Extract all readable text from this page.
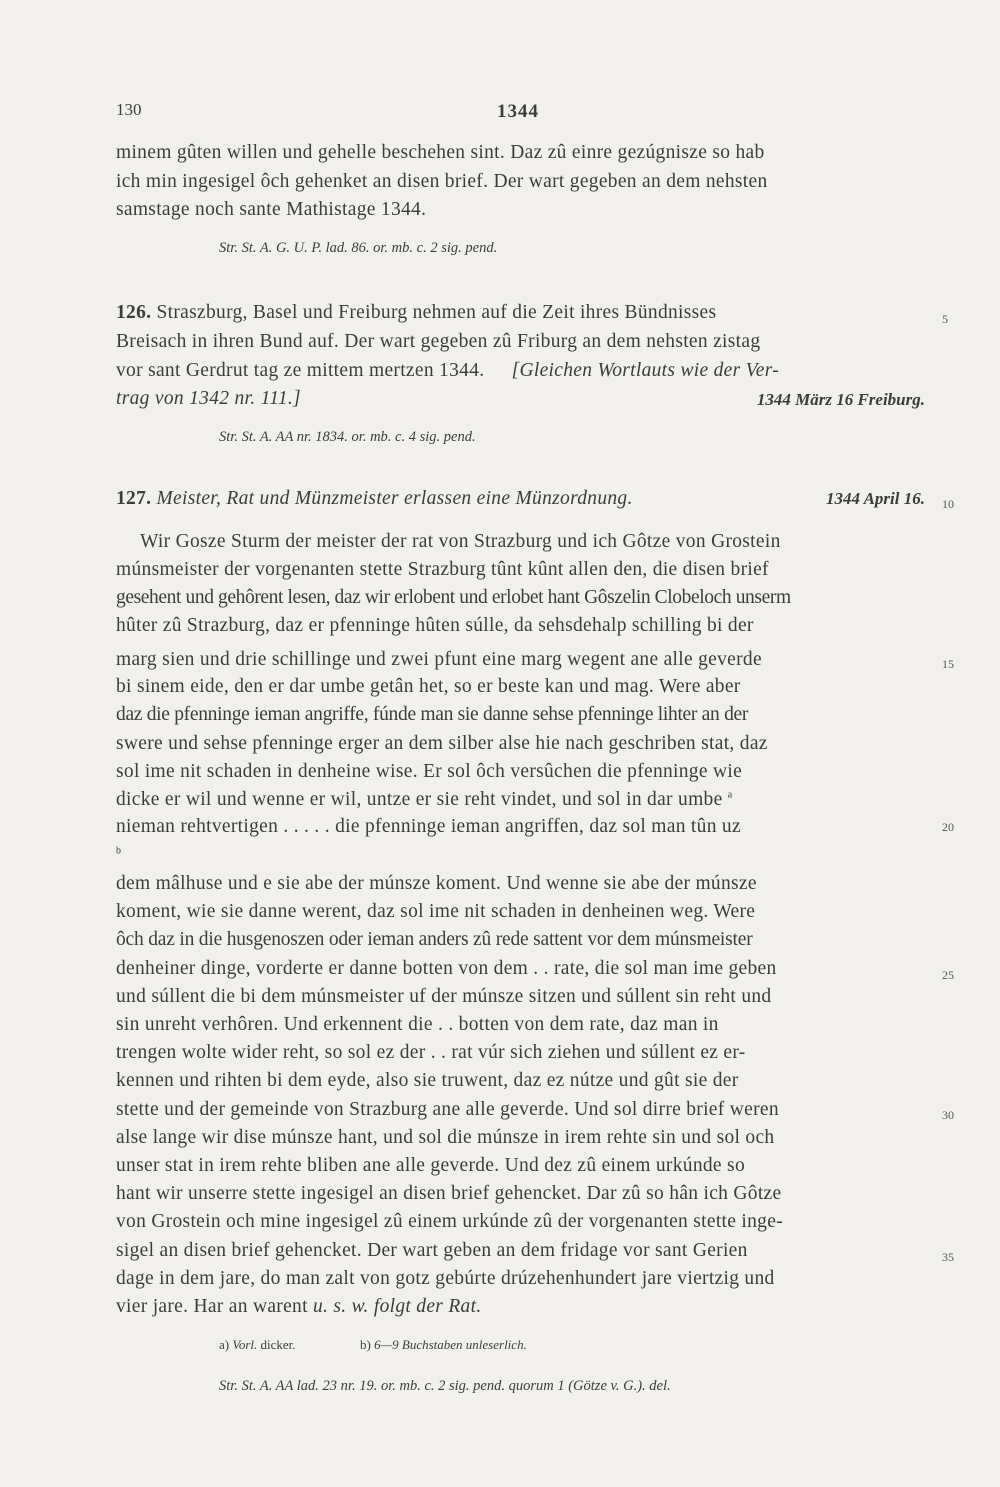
130	1344
minem gûten willen und gehelle beschehen sint. Daz zû einre gezúgnisze so hab
ich min ingesigel ôch gehenket an disen brief. Der wart gegeben an dem nehsten
samstage noch sante Mathistage 1344.
Str. St. A. G. U. P. lad. 86. or. mb. c. 2 sig. pend.
126. Straszburg, Basel und Freiburg nehmen auf die Zeit ihres Bündnisses	5
Breisach in ihren Bund auf. Der wart gegeben zû Friburg an dem nehsten zistag
vor sant Gerdrut tag ze mittem mertzen 1344. [Gleichen Wortlauts wie der Ver-
trag von 1342 nr. 111.]	1344 März 16 Freiburg.
Str. St. A. AA nr. 1834. or. mb. c. 4 sig. pend.
127. Meister, Rat und Münzmeister erlassen eine Münzordnung.	1344 April 16. 10
Wir Gosze Sturm der meister der rat von Strazburg und ich Gôtze von Grostein
múnsmeister der vorgenanten stette Strazburg tûnt kûnt allen den, die disen brief
gesehent und gehôrent lesen, daz wir erlobent und erlobet hant Gôszelin Clobeloch unserm
hûter zû Strazburg, daz er pfenninge hûten súlle, da sehsdehalp schilling bi der
marg sien und drie schillinge und zwei pfunt eine marg wegent ane alle geverde	15
bi sinem eide, den er dar umbe getân het, so er beste kan und mag. Were aber
daz die pfenninge ieman angriffe, fúnde man sie danne sehse pfenninge lihter an der
swere und sehse pfenninge erger an dem silber alse hie nach geschriben stat, daz
sol ime nit schaden in denheine wise. Er sol ôch versûchen die pfenninge wie
dicke er wil und wenne er wil, untze er sie reht vindet, und sol in dar umbe $^a$
20
nieman rehtvertigen . . . . . die pfenninge ieman angriffen, daz sol man tûn uz
$^b$
dem mâlhuse und e sie abe der múnsze koment. Und wenne sie abe der múnsze
koment, wie sie danne werent, daz sol ime nit schaden in denheinen weg. Were
ôch daz in die husgenoszen oder ieman anders zû rede sattent vor dem múnsmeister
denheiner dinge, vorderte er danne botten von dem . . rate, die sol man ime geben	25
und súllent die bi dem múnsmeister uf der múnsze sitzen und súllent sin reht und
sin unreht verhôren. Und erkennent die . . botten von dem rate, daz man in
trengen wolte wider reht, so sol ez der . . rat vúr sich ziehen und súllent ez er-
kennen und rihten bi dem eyde, also sie truwent, daz ez nútze und gût sie der
stette und der gemeinde von Strazburg ane alle geverde. Und sol dirre brief weren	30
alse lange wir dise múnsze hant, und sol die múnsze in irem rehte sin und sol och
unser stat in irem rehte bliben ane alle geverde. Und dez zû einem urkúnde so
hant wir unserre stette ingesigel an disen brief gehencket. Dar zû so hân ich Gôtze
von Grostein och mine ingesigel zû einem urkúnde zû der vorgenanten stette inge-
sigel an disen brief gehencket. Der wart geben an dem fridage vor sant Gerien	35
dage in dem jare, do man zalt von gotz gebúrte drúzehenhundert jare viertzig und
vier jare. Har an warent u. s. w. folgt der Rat.
a) Vorl. dicker.	b) 6—9 Buchstaben unleserlich.
Str. St. A. AA lad. 23 nr. 19. or. mb. c. 2 sig. pend. quorum 1 (Götze v. G.). del.
